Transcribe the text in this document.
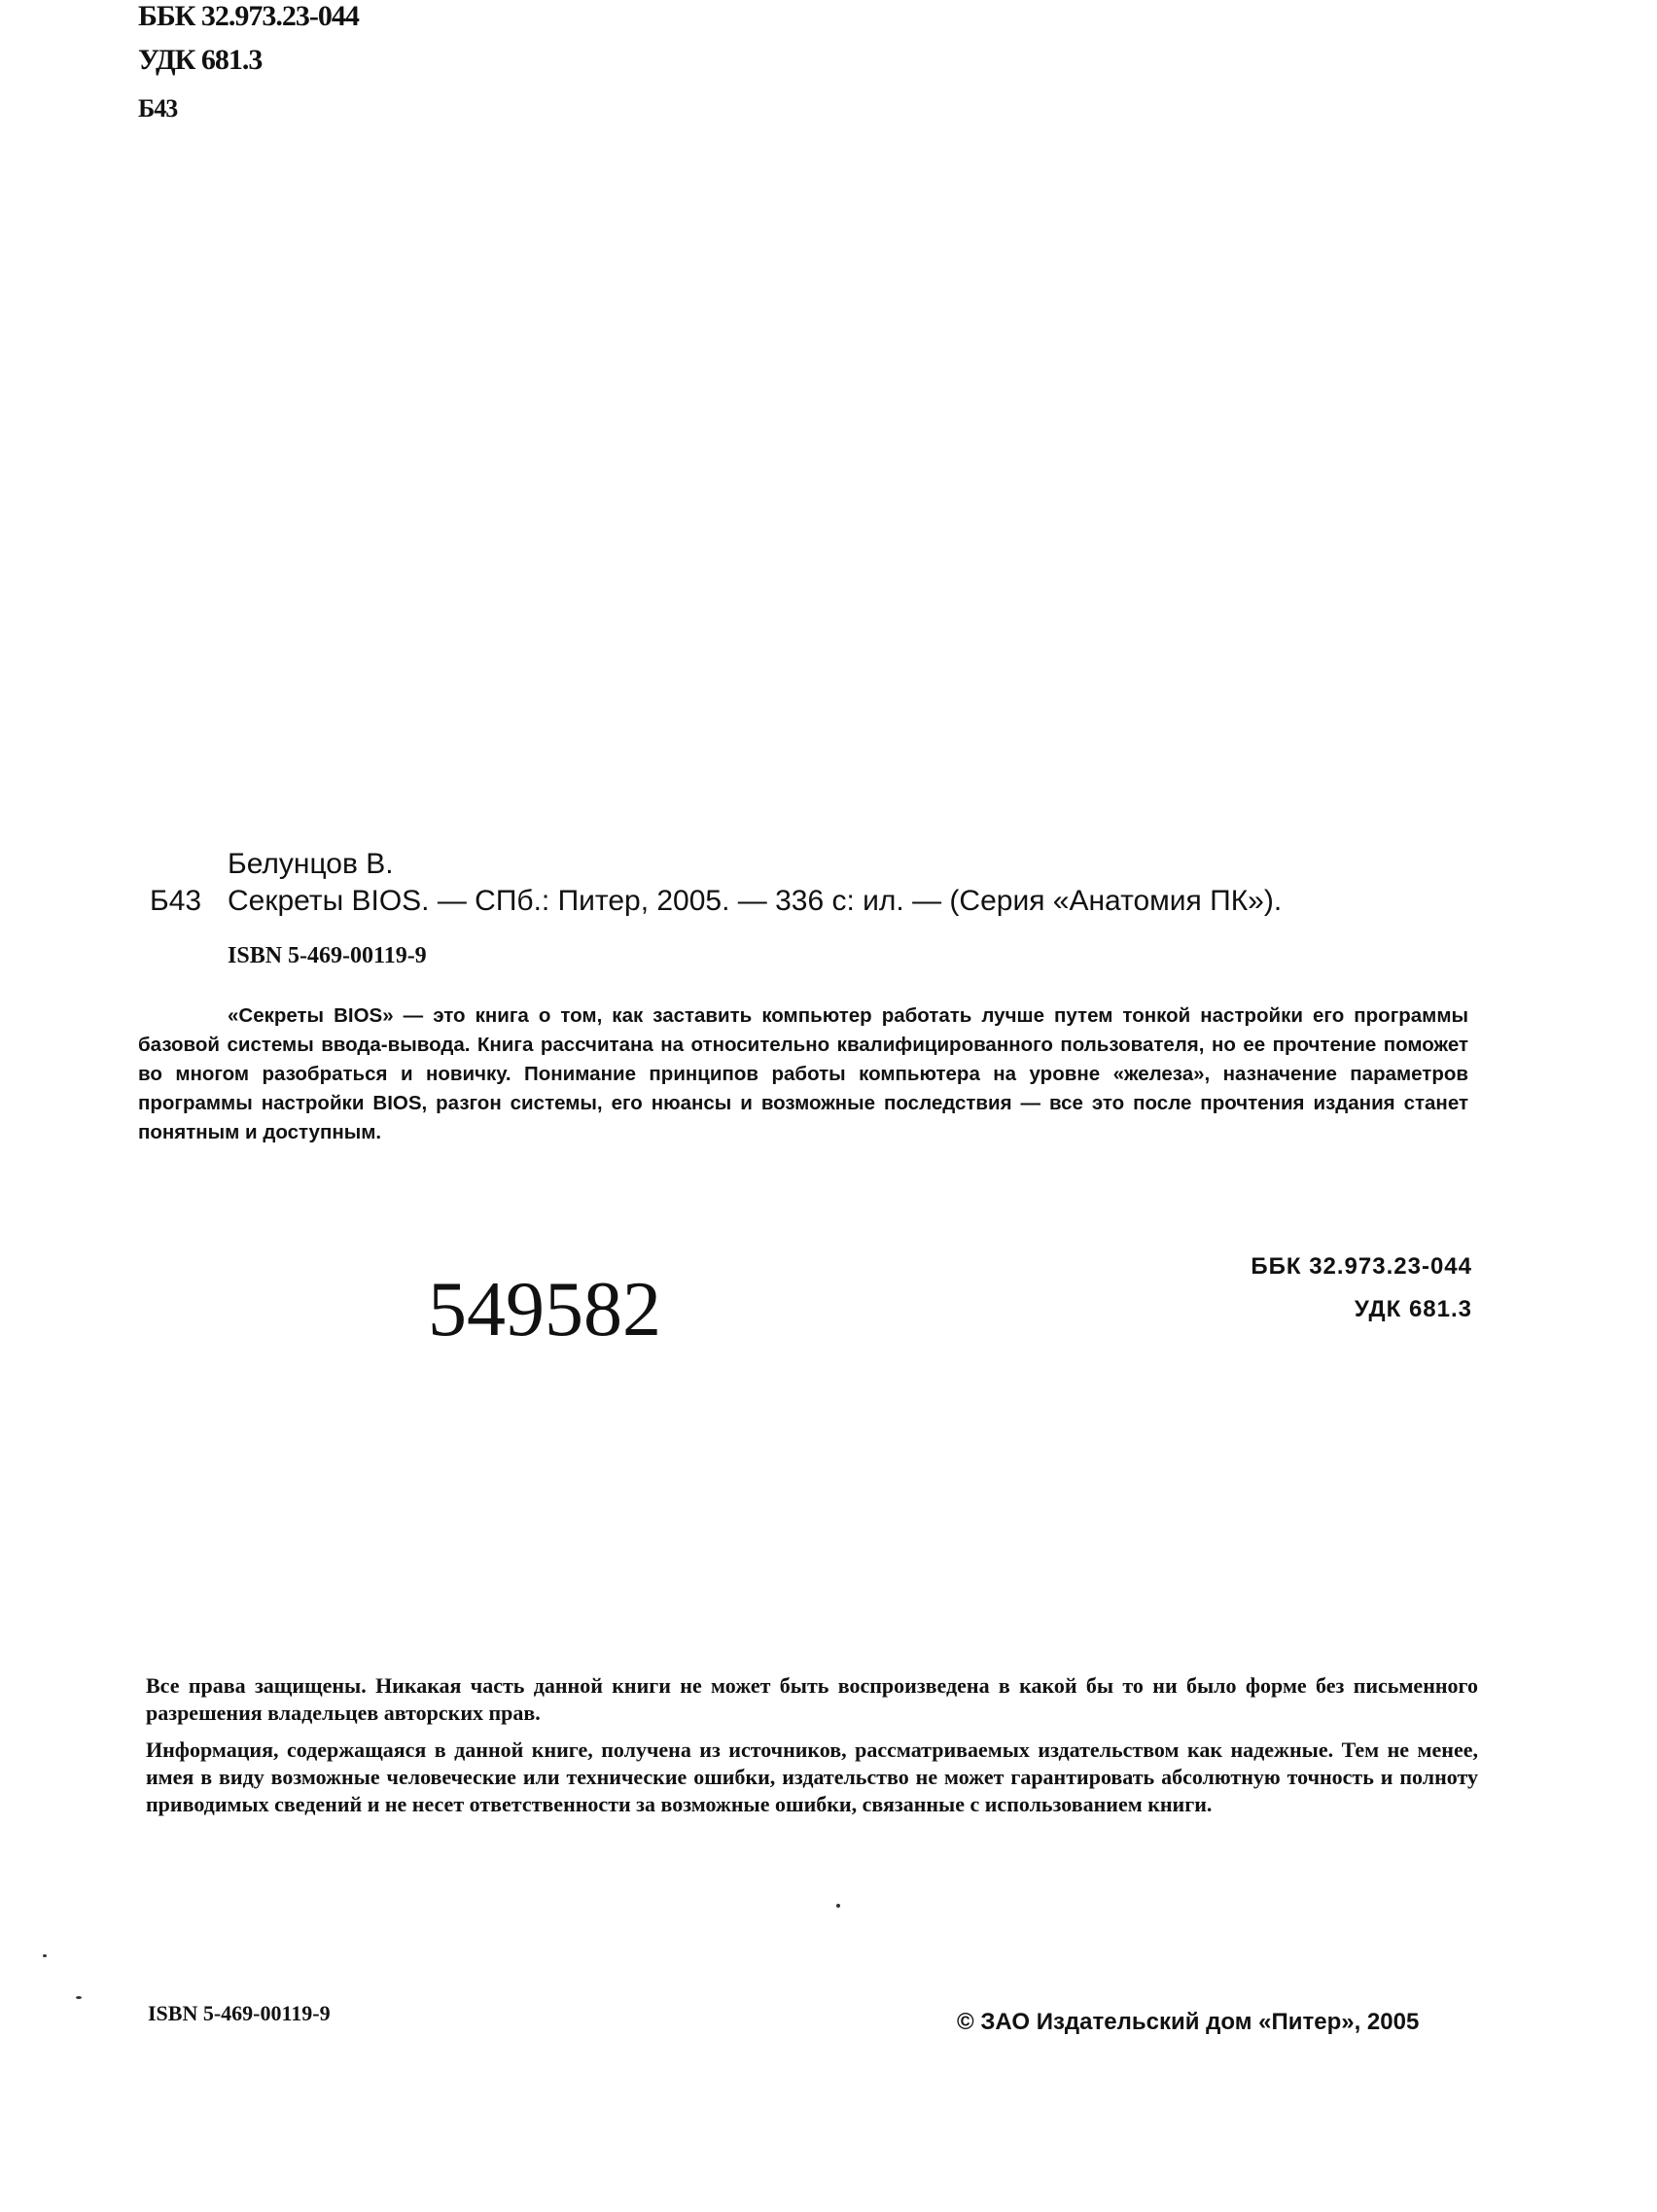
ББК 32.973.23-044
УДК 681.3
Б43
Белунцов В.
Б43 Секреты BIOS. — СПб.: Питер, 2005. — 336 с: ил. — (Серия «Анатомия ПК»).
ISBN 5-469-00119-9
«Секреты BIOS» — это книга о том, как заставить компьютер работать лучше путем тонкой настройки его программы базовой системы ввода-вывода. Книга рассчитана на относительно квалифицированного пользователя, но ее прочтение поможет во многом разобраться и новичку. Понимание принципов работы компьютера на уровне «железа», назначение параметров программы настройки BIOS, разгон системы, его нюансы и возможные последствия — все это после прочтения издания станет понятным и доступным.
ББК 32.973.23-044
УДК 681.3
549582

Все права защищены. Никакая часть данной книги не может быть воспроизведена в какой бы то ни было форме без письменного разрешения владельцев авторских прав.

Информация, содержащаяся в данной книге, получена из источников, рассматриваемых издательством как надежные. Тем не менее, имея в виду возможные человеческие или технические ошибки, издательство не может гарантировать абсолютную точность и полноту приводимых сведений и не несет ответственности за возможные ошибки, связанные с использованием книги.

ISBN 5-469-00119-9	© ЗАО Издательский дом «Питер», 2005
